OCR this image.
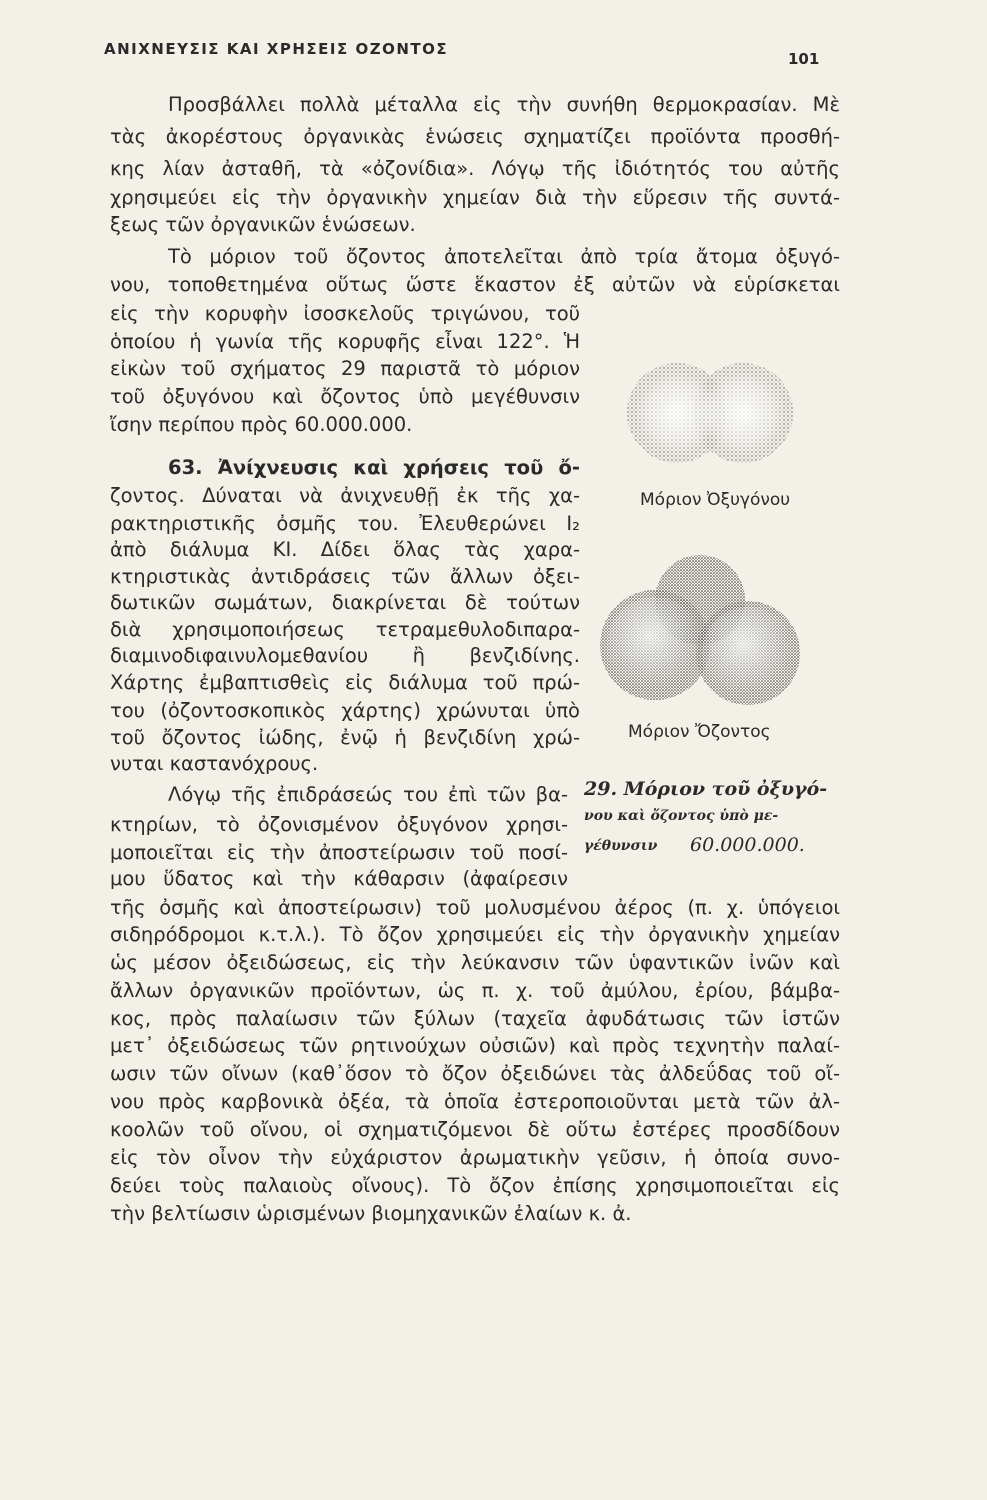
ΑΝΙΧΝΕΥΣΙΣ ΚΑΙ ΧΡΗΣΕΙΣ ΟΖΟΝΤΟΣ
101
Προσβάλλει πολλὰ μέταλλα εἰς τὴν συνήθη θερμοκρασίαν. Μὲ
τὰς ἀκορέστους ὀργανικὰς ἑνώσεις σχηματίζει προϊόντα προσθή-
κης λίαν ἀσταθῆ, τὰ «ὀζονίδια». Λόγῳ τῆς ἰδιότητός του αὐτῆς
χρησιμεύει εἰς τὴν ὀργανικὴν χημείαν διὰ τὴν εὕρεσιν τῆς συντά-
ξεως τῶν ὀργανικῶν ἑνώσεων.
Τὸ μόριον τοῦ ὄζοντος ἀποτελεῖται ἀπὸ τρία ἄτομα ὀξυγό-
νου, τοποθετημένα οὕτως ὥστε ἕκαστον ἐξ αὐτῶν νὰ εὑρίσκεται
εἰς τὴν κορυφὴν ἰσοσκελοῦς τριγώνου, τοῦ
ὁποίου ἡ γωνία τῆς κορυφῆς εἶναι 122°. Ἡ
εἰκὼν τοῦ σχήματος 29 παριστᾶ τὸ μόριον
τοῦ ὀξυγόνου καὶ ὄζοντος ὑπὸ μεγέθυνσιν
ἴσην περίπου πρὸς 60.000.000.
63. Ἀνίχνευσις καὶ χρήσεις τοῦ ὄ-
ζοντος. Δύναται νὰ ἀνιχνευθῇ ἐκ τῆς χα-
ρακτηριστικῆς ὀσμῆς του. Ἐλευθερώνει I₂
ἀπὸ διάλυμα KI. Δίδει ὅλας τὰς χαρα-
κτηριστικὰς ἀντιδράσεις τῶν ἄλλων ὀξει-
δωτικῶν σωμάτων, διακρίνεται δὲ τούτων
διὰ χρησιμοποιήσεως τετραμεθυλοδιπαρα-
διαμινοδιφαινυλομεθανίου ἢ βενζιδίνης.
Χάρτης ἐμβαπτισθεὶς εἰς διάλυμα τοῦ πρώ-
του (ὀζοντοσκοπικὸς χάρτης) χρώνυται ὑπὸ
τοῦ ὄζοντος ἰώδης, ἐνῷ ἡ βενζιδίνη χρώ-
νυται καστανόχρους.
Λόγῳ τῆς ἐπιδράσεώς του ἐπὶ τῶν βα-
κτηρίων, τὸ ὀζονισμένον ὀξυγόνον χρησι-
μοποιεῖται εἰς τὴν ἀποστείρωσιν τοῦ ποσί-
μου ὕδατος καὶ τὴν κάθαρσιν (ἀφαίρεσιν
τῆς ὀσμῆς καὶ ἀποστείρωσιν) τοῦ μολυσμένου ἀέρος (π. χ. ὑπόγειοι
σιδηρόδρομοι κ.τ.λ.). Τὸ ὄζον χρησιμεύει εἰς τὴν ὀργανικὴν χημείαν
ὡς μέσον ὀξειδώσεως, εἰς τὴν λεύκανσιν τῶν ὑφαντικῶν ἰνῶν καὶ
ἄλλων ὀργανικῶν προϊόντων, ὡς π. χ. τοῦ ἀμύλου, ἐρίου, βάμβα-
κος, πρὸς παλαίωσιν τῶν ξύλων (ταχεῖα ἀφυδάτωσις τῶν ἱστῶν
μετ᾽ ὀξειδώσεως τῶν ρητινούχων οὐσιῶν) καὶ πρὸς τεχνητὴν παλαί-
ωσιν τῶν οἴνων (καθ᾽ὅσον τὸ ὄζον ὀξειδώνει τὰς ἀλδεΰδας τοῦ οἴ-
νου πρὸς καρβονικὰ ὀξέα, τὰ ὁποῖα ἐστεροποιοῦνται μετὰ τῶν ἀλ-
κοολῶν τοῦ οἴνου, οἱ σχηματιζόμενοι δὲ οὕτω ἐστέρες προσδίδουν
εἰς τὸν οἶνον τὴν εὐχάριστον ἀρωματικὴν γεῦσιν, ἡ ὁποία συνο-
δεύει τοὺς παλαιοὺς οἴνους). Τὸ ὄζον ἐπίσης χρησιμοποιεῖται εἰς
τὴν βελτίωσιν ὡρισμένων βιομηχανικῶν ἐλαίων κ. ἀ.
Μόριον Ὀξυγόνου
Μόριον Ὄζοντος
29. Μόριον τοῦ ὀξυγό-
νου καὶ ὄζοντος ὑπὸ με-
γέθυνσιν 60.000.000.
